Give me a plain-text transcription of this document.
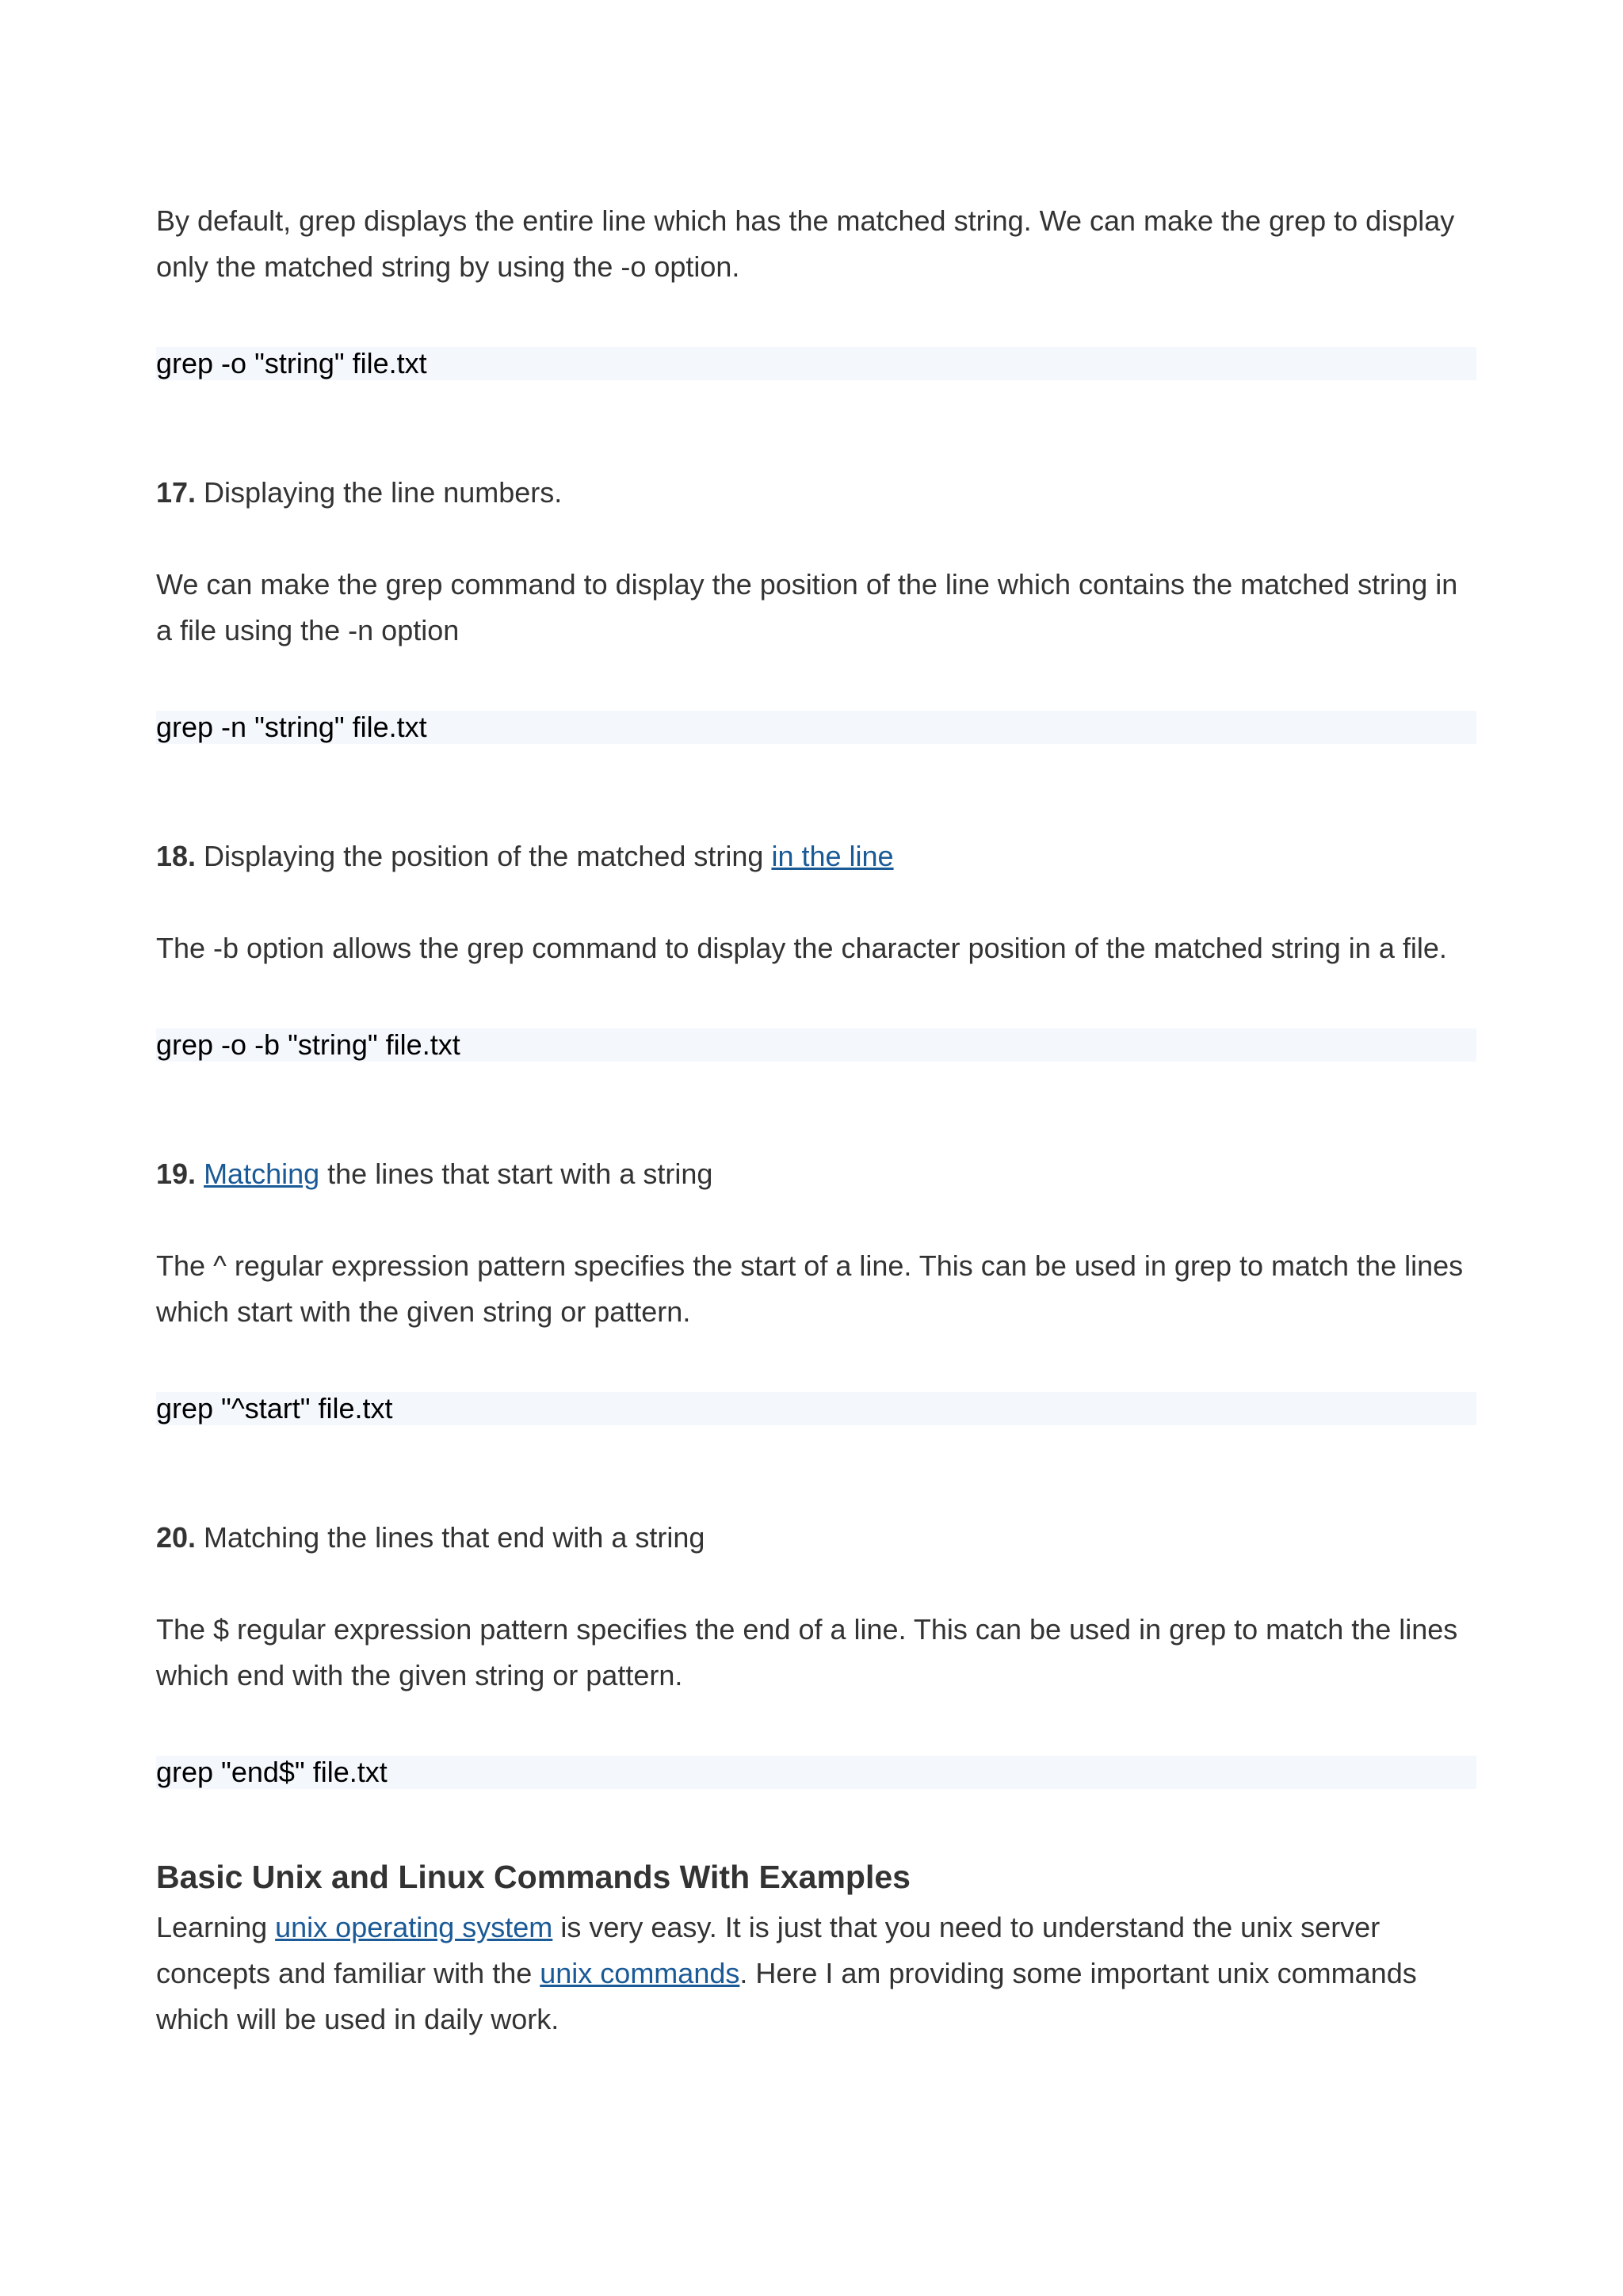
By default, grep displays the entire line which has the matched string. We can make the grep to display only the matched string by using the -o option.

grep -o "string" file.txt

17. Displaying the line numbers.

We can make the grep command to display the position of the line which contains the matched string in a file using the -n option

grep -n "string" file.txt

18. Displaying the position of the matched string in the line

The -b option allows the grep command to display the character position of the matched string in a file.

grep -o -b "string" file.txt

19. Matching the lines that start with a string

The ^ regular expression pattern specifies the start of a line. This can be used in grep to match the lines which start with the given string or pattern.

grep "^start" file.txt

20. Matching the lines that end with a string

The $ regular expression pattern specifies the end of a line. This can be used in grep to match the lines which end with the given string or pattern.

grep "end$" file.txt
Basic Unix and Linux Commands With Examples

Learning unix operating system is very easy. It is just that you need to understand the unix server concepts and familiar with the unix commands. Here I am providing some important unix commands which will be used in daily work.
